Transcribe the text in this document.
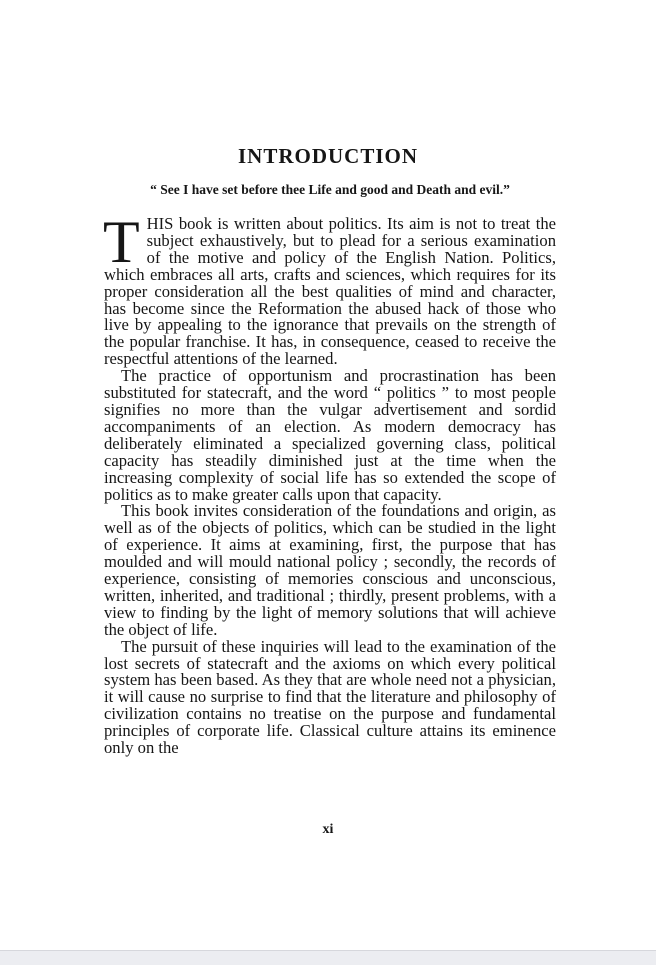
INTRODUCTION
“ See I have set before thee Life and good and Death and evil.”

THIS book is written about politics. Its aim is not to treat the subject exhaustively, but to plead for a serious examination of the motive and policy of the English Nation. Politics, which embraces all arts, crafts and sciences, which requires for its proper consideration all the best qualities of mind and character, has become since the Reformation the abused hack of those who live by appealing to the ignorance that prevails on the strength of the popular franchise. It has, in consequence, ceased to receive the respectful attentions of the learned.

The practice of opportunism and procrastination has been substituted for statecraft, and the word “ politics ” to most people signifies no more than the vulgar advertisement and sordid accompaniments of an election. As modern democracy has deliberately eliminated a specialized governing class, political capacity has steadily diminished just at the time when the increasing complexity of social life has so extended the scope of politics as to make greater calls upon that capacity.

This book invites consideration of the foundations and origin, as well as of the objects of politics, which can be studied in the light of experience. It aims at examining, first, the purpose that has moulded and will mould national policy ; secondly, the records of experience, consisting of memories conscious and unconscious, written, inherited, and traditional ; thirdly, present problems, with a view to finding by the light of memory solutions that will achieve the object of life.

The pursuit of these inquiries will lead to the examination of the lost secrets of statecraft and the axioms on which every political system has been based. As they that are whole need not a physician, it will cause no surprise to find that the literature and philosophy of civilization contains no treatise on the purpose and fundamental principles of corporate life. Classical culture attains its eminence only on the

xi
